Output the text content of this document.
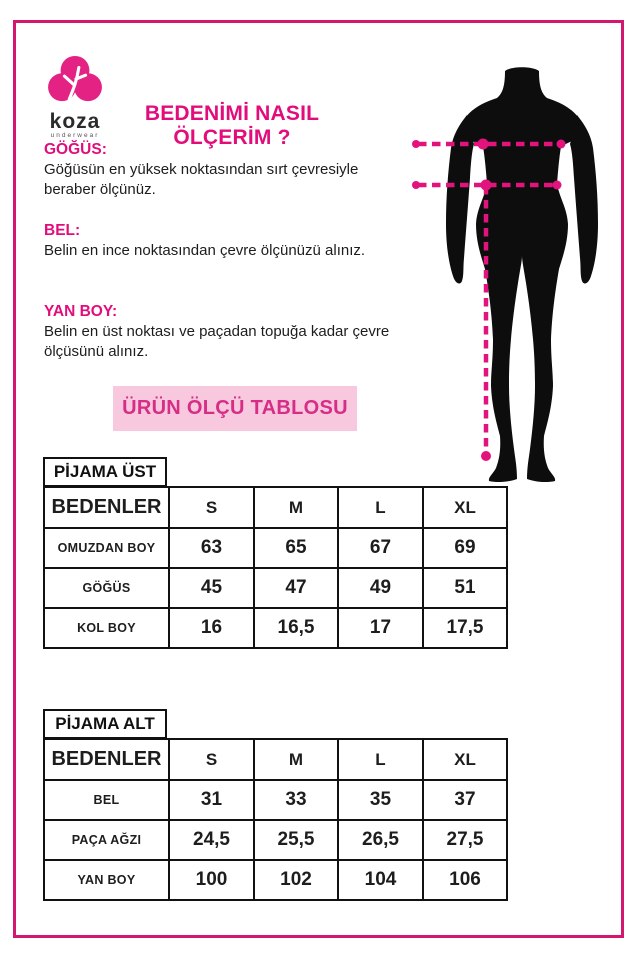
koza
underwear
BEDENİMİ NASIL ÖLÇERİM ?
GÖĞÜS:
Göğüsün en yüksek noktasından sırt çevresiyle beraber ölçünüz.
BEL:
Belin en ince noktasından çevre ölçünüzü alınız.
YAN BOY:
Belin en üst noktası ve paçadan topuğa kadar çevre ölçüsünü alınız.
ÜRÜN ÖLÇÜ TABLOSU
PİJAMA ÜST
BEDENLER	S	M	L	XL
OMUZDAN BOY	63	65	67	69
GÖĞÜS	45	47	49	51
KOL BOY	16	16,5	17	17,5
PİJAMA ALT
BEDENLER	S	M	L	XL
BEL	31	33	35	37
PAÇA AĞZI	24,5	25,5	26,5	27,5
YAN BOY	100	102	104	106
